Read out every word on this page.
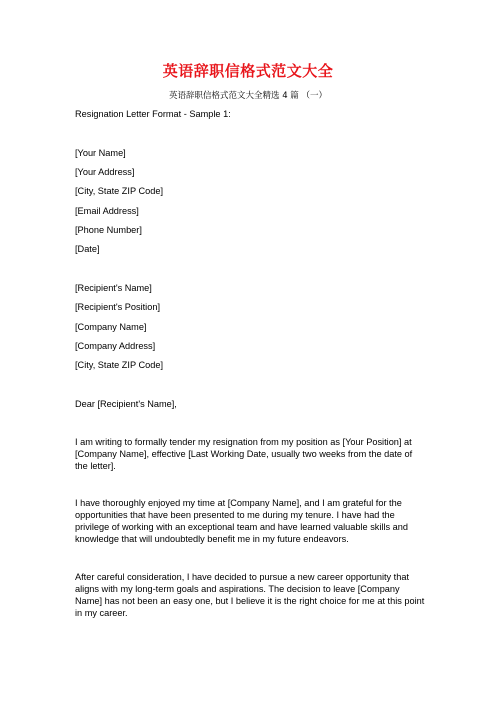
英语辞职信格式范文大全
英语辞职信格式范文大全精选 4 篇 （一）
Resignation Letter Format - Sample 1:
[Your Name]
[Your Address]
[City, State ZIP Code]
[Email Address]
[Phone Number]
[Date]
[Recipient's Name]
[Recipient's Position]
[Company Name]
[Company Address]
[City, State ZIP Code]
Dear [Recipient's Name],
I am writing to formally tender my resignation from my position as [Your Position] at [Company Name], effective [Last Working Date, usually two weeks from the date of the letter].
I have thoroughly enjoyed my time at [Company Name], and I am grateful for the opportunities that have been presented to me during my tenure. I have had the privilege of working with an exceptional team and have learned valuable skills and knowledge that will undoubtedly benefit me in my future endeavors.
After careful consideration, I have decided to pursue a new career opportunity that aligns with my long-term goals and aspirations. The decision to leave [Company Name] has not been an easy one, but I believe it is the right choice for me at this point in my career.
